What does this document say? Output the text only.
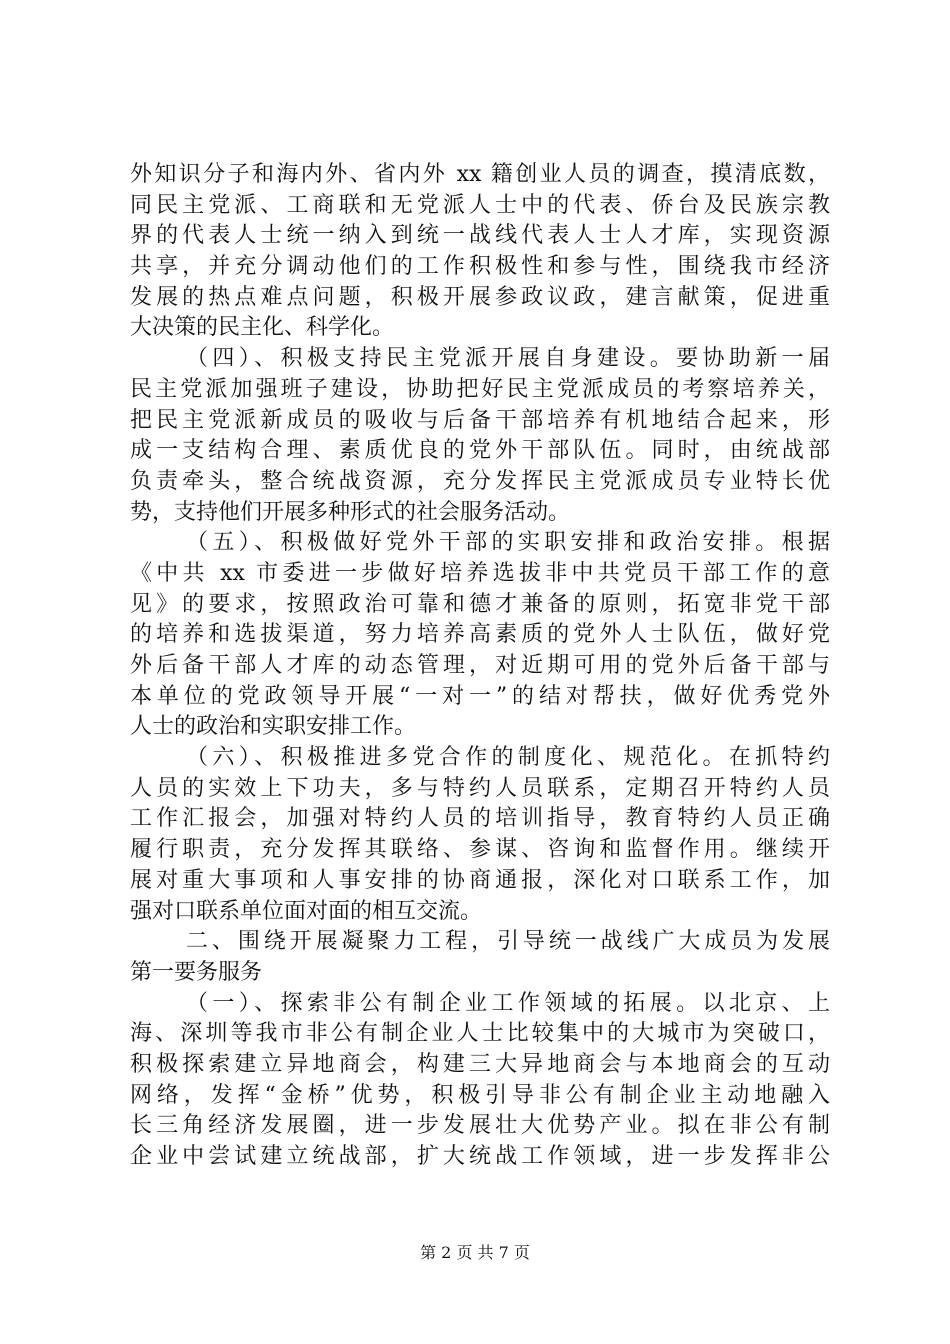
外知识分子和海内外、省内外 xx 籍创业人员的调查，摸清底数，
同民主党派、工商联和无党派人士中的代表、侨台及民族宗教
界的代表人士统一纳入到统一战线代表人士人才库，实现资源
共享，并充分调动他们的工作积极性和参与性，围绕我市经济
发展的热点难点问题，积极开展参政议政，建言献策，促进重
大决策的民主化、科学化。
（四）、积极支持民主党派开展自身建设。要协助新一届
民主党派加强班子建设，协助把好民主党派成员的考察培养关，
把民主党派新成员的吸收与后备干部培养有机地结合起来，形
成一支结构合理、素质优良的党外干部队伍。同时，由统战部
负责牵头，整合统战资源，充分发挥民主党派成员专业特长优
势，支持他们开展多种形式的社会服务活动。
（五）、积极做好党外干部的实职安排和政治安排。根据
《中共 xx 市委进一步做好培养选拔非中共党员干部工作的意
见》的要求，按照政治可靠和德才兼备的原则，拓宽非党干部
的培养和选拔渠道，努力培养高素质的党外人士队伍，做好党
外后备干部人才库的动态管理，对近期可用的党外后备干部与
本单位的党政领导开展“一对一”的结对帮扶，做好优秀党外
人士的政治和实职安排工作。
（六）、积极推进多党合作的制度化、规范化。在抓特约
人员的实效上下功夫，多与特约人员联系，定期召开特约人员
工作汇报会，加强对特约人员的培训指导，教育特约人员正确
履行职责，充分发挥其联络、参谋、咨询和监督作用。继续开
展对重大事项和人事安排的协商通报，深化对口联系工作，加
强对口联系单位面对面的相互交流。
二、围绕开展凝聚力工程，引导统一战线广大成员为发展
第一要务服务
（一）、探索非公有制企业工作领域的拓展。以北京、上
海、深圳等我市非公有制企业人士比较集中的大城市为突破口，
积极探索建立异地商会，构建三大异地商会与本地商会的互动
网络，发挥“金桥”优势，积极引导非公有制企业主动地融入
长三角经济发展圈，进一步发展壮大优势产业。拟在非公有制
企业中尝试建立统战部，扩大统战工作领域，进一步发挥非公
第 2 页 共 7 页
